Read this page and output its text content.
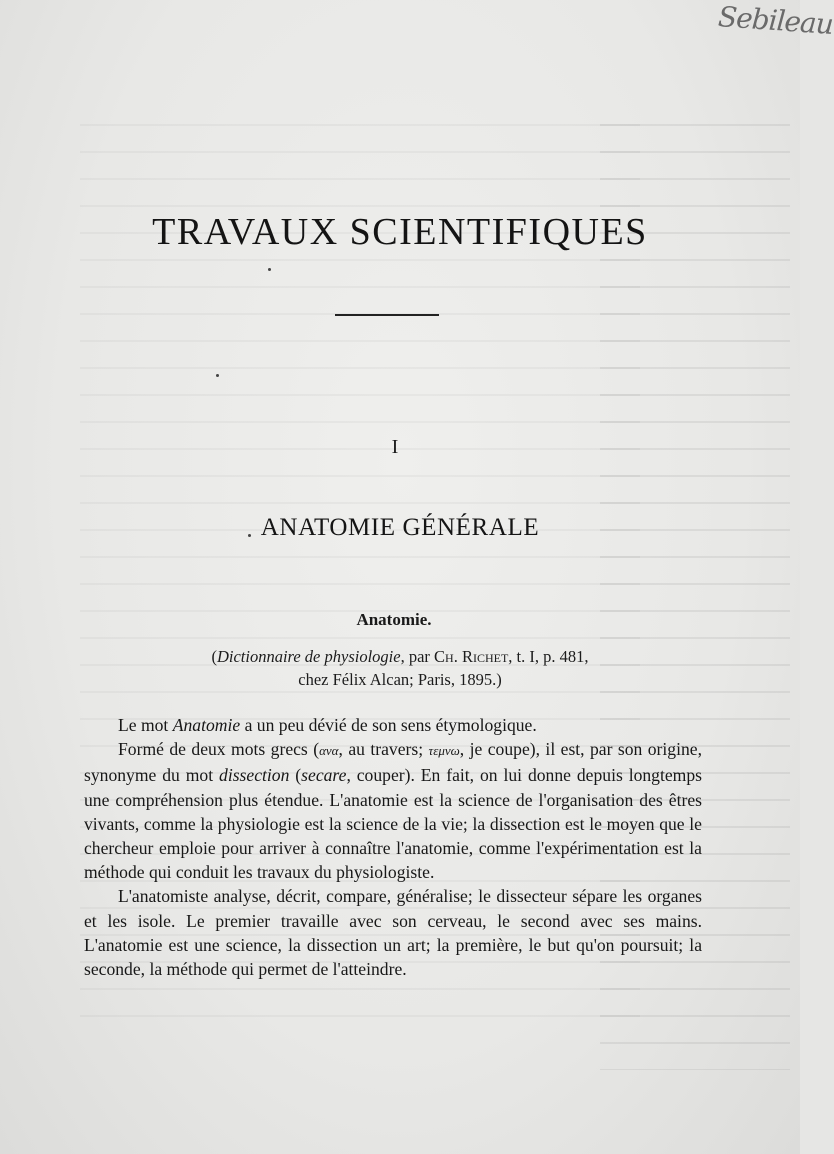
Sebileau
TRAVAUX SCIENTIFIQUES
I
ANATOMIE GÉNÉRALE
Anatomie.
(Dictionnaire de physiologie, par Ch. Richet, t. I, p. 481,
chez Félix Alcan; Paris, 1895.)

Le mot Anatomie a un peu dévié de son sens étymologique.

Formé de deux mots grecs (ανα, au travers; τεμνω, je coupe), il est, par son origine, synonyme du mot dissection (secare, couper). En fait, on lui donne depuis longtemps une compréhension plus étendue. L'anatomie est la science de l'organisation des êtres vivants, comme la physiologie est la science de la vie; la dissection est le moyen que le chercheur emploie pour arriver à connaître l'anatomie, comme l'expérimentation est la méthode qui conduit les travaux du physiologiste.

L'anatomiste analyse, décrit, compare, généralise; le dissecteur sépare les organes et les isole. Le premier travaille avec son cerveau, le second avec ses mains. L'anatomie est une science, la dissection un art; la première, le but qu'on poursuit; la seconde, la méthode qui permet de l'atteindre.
